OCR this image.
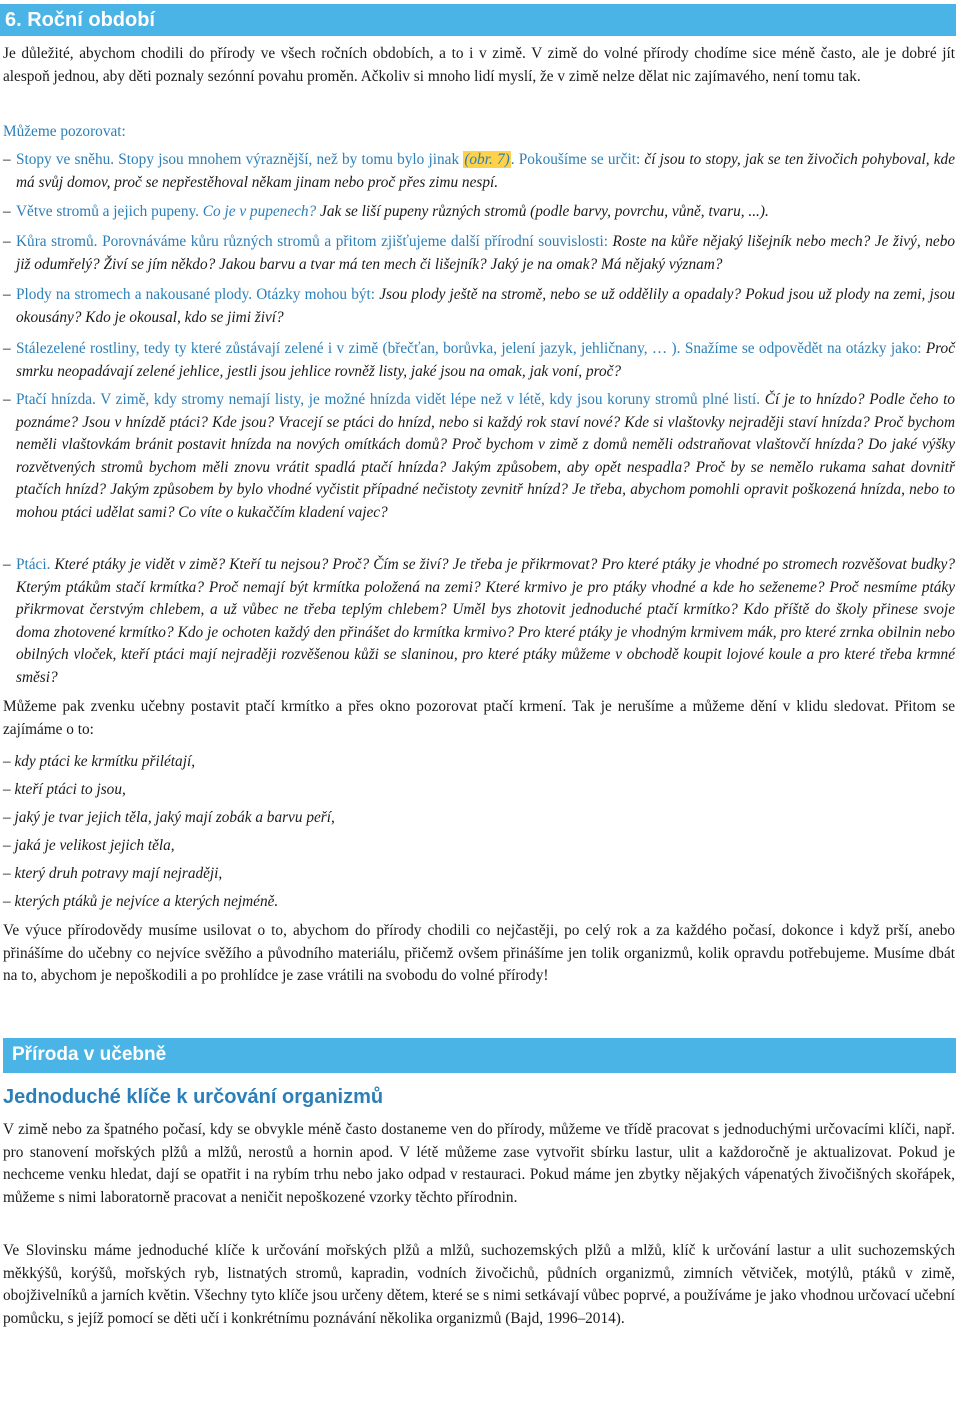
6. Roční období
Je důležité, abychom chodili do přírody ve všech ročních obdobích, a to i v zimě. V zimě do volné přírody chodíme sice méně často, ale je dobré jít alespoň jednou, aby děti poznaly sezónní povahu proměn. Ačkoliv si mnoho lidí myslí, že v zimě nelze dělat nic zajímavého, není tomu tak.
Můžeme pozorovat:
– Stopy ve sněhu. Stopy jsou mnohem výraznější, než by tomu bylo jinak (obr. 7). Pokoušíme se určit: čí jsou to stopy, jak se ten živočich pohyboval, kde má svůj domov, proč se nepřestěhoval někam jinam nebo proč přes zimu nespí.
– Větve stromů a jejich pupeny. Co je v pupenech? Jak se liší pupeny různých stromů (podle barvy, povrchu, vůně, tvaru, ...).
– Kůra stromů. Porovnáváme kůru různých stromů a přitom zjišťujeme další přírodní souvislosti: Roste na kůře nějaký lišejník nebo mech? Je živý, nebo již odumřelý? Živí se jím někdo? Jakou barvu a tvar má ten mech či lišejník? Jaký je na omak? Má nějaký význam?
– Plody na stromech a nakousané plody. Otázky mohou být: Jsou plody ještě na stromě, nebo se už oddělily a opadaly? Pokud jsou už plody na zemi, jsou okousány? Kdo je okousal, kdo se jimi živí?
– Stálezelené rostliny, tedy ty které zůstávají zelené i v zimě (břečťan, borůvka, jelení jazyk, jehličnany, … ). Snažíme se odpovědět na otázky jako: Proč smrku neopadávají zelené jehlice, jestli jsou jehlice rovněž listy, jaké jsou na omak, jak voní, proč?
– Ptačí hnízda. V zimě, kdy stromy nemají listy, je možné hnízda vidět lépe než v létě, kdy jsou koruny stromů plné listí. Čí je to hnízdo? Podle čeho to poznáme? Jsou v hnízdě ptáci? Kde jsou? Vracejí se ptáci do hnízd, nebo si každý rok staví nové? Kde si vlaštovky nejraději staví hnízda? Proč bychom neměli vlaštovkám bránit postavit hnízda na nových omítkách domů? Proč bychom v zimě z domů neměli odstraňovat vlaštovčí hnízda? Do jaké výšky rozvětvených stromů bychom měli znovu vrátit spadlá ptačí hnízda? Jakým způsobem, aby opět nespadla? Proč by se nemělo rukama sahat dovnitř ptačích hnízd? Jakým způsobem by bylo vhodné vyčistit případné nečistoty zevnitř hnízd? Je třeba, abychom pomohli opravit poškozená hnízda, nebo to mohou ptáci udělat sami? Co víte o kukaččím kladení vajec?
– Ptáci. Které ptáky je vidět v zimě? Kteří tu nejsou? Proč? Čím se živí? Je třeba je přikrmovat? Pro které ptáky je vhodné po stromech rozvěšovat budky? Kterým ptákům stačí krmítka? Proč nemají být krmítka položená na zemi? Které krmivo je pro ptáky vhodné a kde ho seženeme? Proč nesmíme ptáky přikrmovat čerstvým chlebem, a už vůbec ne třeba teplým chlebem? Uměl bys zhotovit jednoduché ptačí krmítko? Kdo příště do školy přinese svoje doma zhotovené krmítko? Kdo je ochoten každý den přinášet do krmítka krmivo? Pro které ptáky je vhodným krmivem mák, pro které zrnka obilnin nebo obilných vloček, kteří ptáci mají nejraději rozvěšenou kůži se slaninou, pro které ptáky můžeme v obchodě koupit lojové koule a pro které třeba krmné směsi?
Můžeme pak zvenku učebny postavit ptačí krmítko a přes okno pozorovat ptačí krmení. Tak je nerušíme a můžeme dění v klidu sledovat. Přitom se zajímáme o to:
– kdy ptáci ke krmítku přilétají,
– kteří ptáci to jsou,
– jaký je tvar jejich těla, jaký mají zobák a barvu peří,
– jaká je velikost jejich těla,
– který druh potravy mají nejraději,
– kterých ptáků je nejvíce a kterých nejméně.
Ve výuce přírodovědy musíme usilovat o to, abychom do přírody chodili co nejčastěji, po celý rok a za každého počasí, dokonce i když prší, anebo přinášíme do učebny co nejvíce svěžího a původního materiálu, přičemž ovšem přinášíme jen tolik organizmů, kolik opravdu potřebujeme. Musíme dbát na to, abychom je nepoškodili a po prohlídce je zase vrátili na svobodu do volné přírody!
Příroda v učebně
Jednoduché klíče k určování organizmů
V zimě nebo za špatného počasí, kdy se obvykle méně často dostaneme ven do přírody, můžeme ve třídě pracovat s jednoduchými určovacími klíči, např. pro stanovení mořských plžů a mlžů, nerostů a hornin apod. V létě můžeme zase vytvořit sbírku lastur, ulit a každoročně je aktualizovat. Pokud je nechceme venku hledat, dají se opatřit i na rybím trhu nebo jako odpad v restauraci. Pokud máme jen zbytky nějakých vápenatých živočišných skořápek, můžeme s nimi laboratorně pracovat a neničit nepoškozené vzorky těchto přírodnin.
Ve Slovinsku máme jednoduché klíče k určování mořských plžů a mlžů, suchozemských plžů a mlžů, klíč k určování lastur a ulit suchozemských měkkýšů, korýšů, mořských ryb, listnatých stromů, kapradin, vodních živočichů, půdních organizmů, zimních větviček, motýlů, ptáků v zimě, obojživelníků a jarních květin. Všechny tyto klíče jsou určeny dětem, které se s nimi setkávají vůbec poprvé, a používáme je jako vhodnou určovací učební pomůcku, s jejíž pomocí se děti učí i konkrétnímu poznávání několika organizmů (Bajd, 1996–2014).
